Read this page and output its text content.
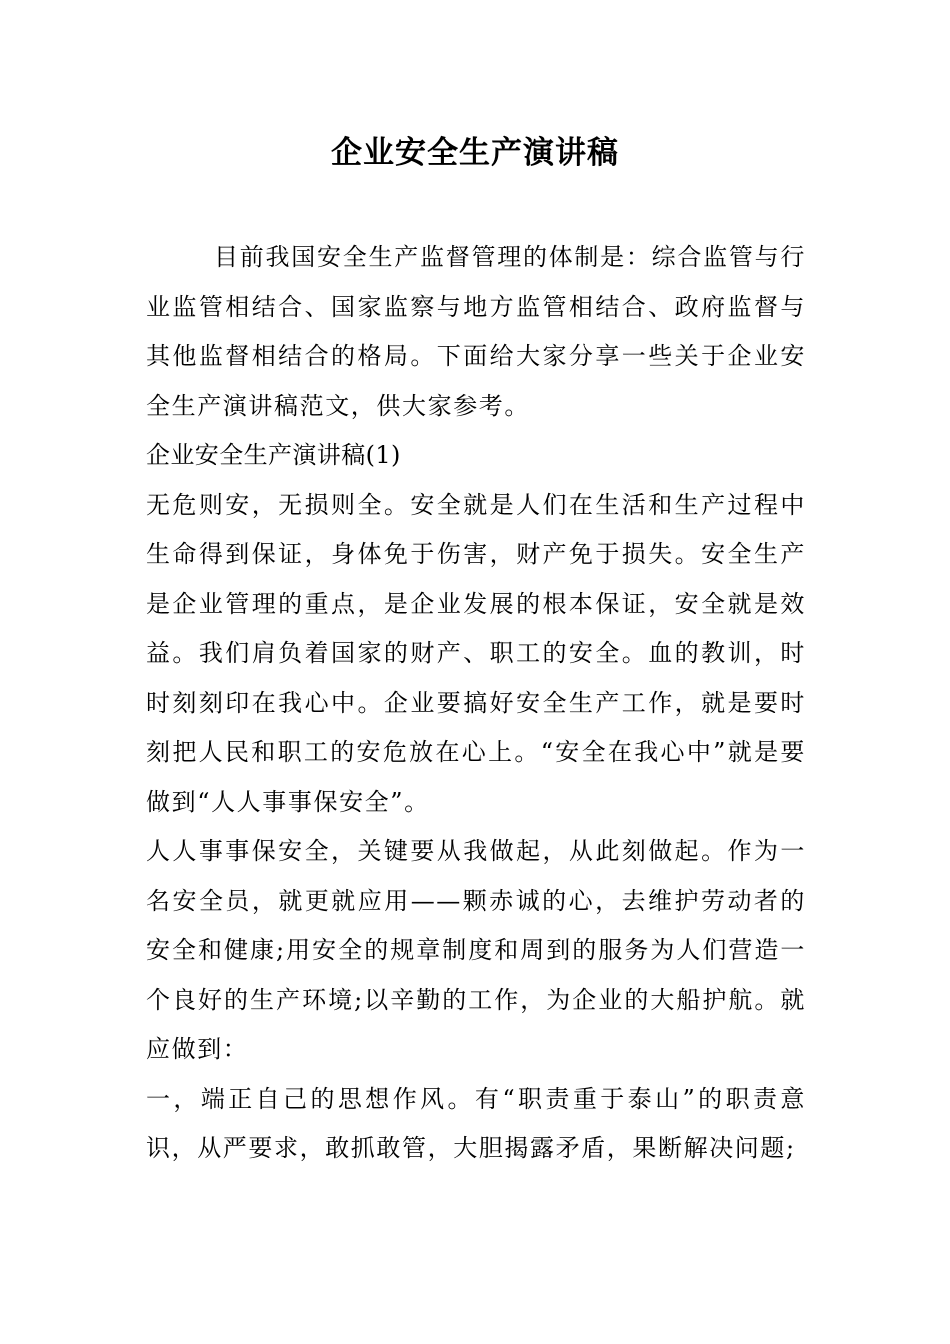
企业安全生产演讲稿

目前我国安全生产监督管理的体制是：综合监管与行业监管相结合、国家监察与地方监管相结合、政府监督与其他监督相结合的格局。下面给大家分享一些关于企业安全生产演讲稿范文，供大家参考。

企业安全生产演讲稿(1)

无危则安，无损则全。安全就是人们在生活和生产过程中生命得到保证，身体免于伤害，财产免于损失。安全生产是企业管理的重点，是企业发展的根本保证，安全就是效益。我们肩负着国家的财产、职工的安全。血的教训，时时刻刻印在我心中。企业要搞好安全生产工作，就是要时刻把人民和职工的安危放在心上。“安全在我心中”就是要做到“人人事事保安全”。

人人事事保安全，关键要从我做起，从此刻做起。作为一名安全员，就更就应用——颗赤诚的心，去维护劳动者的安全和健康;用安全的规章制度和周到的服务为人们营造一个良好的生产环境;以辛勤的工作，为企业的大船护航。就应做到：

一，端正自己的思想作风。有“职责重于泰山”的职责意识，从严要求，敢抓敢管，大胆揭露矛盾，果断解决问题;
